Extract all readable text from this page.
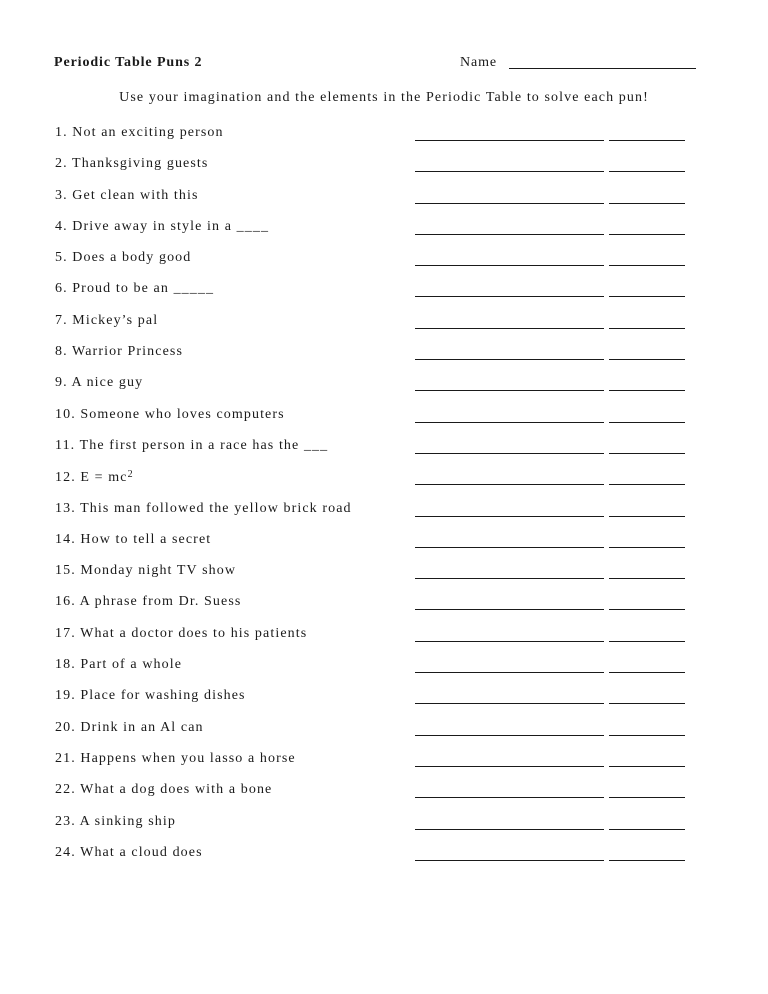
Periodic Table Puns 2	Name
Use your imagination and the elements in the Periodic Table to solve each pun!
1. Not an exciting person
2. Thanksgiving guests
3. Get clean with this
4. Drive away in style in a ____
5. Does a body good
6. Proud to be an _____
7. Mickey’s pal
8. Warrior Princess
9. A nice guy
10. Someone who loves computers
11. The first person in a race has the ___
12. $E = mc^2$
13. This man followed the yellow brick road
14. How to tell a secret
15. Monday night TV show
16. A phrase from Dr. Suess
17. What a doctor does to his patients
18. Part of a whole
19. Place for washing dishes
20. Drink in an Al can
21. Happens when you lasso a horse
22. What a dog does with a bone
23. A sinking ship
24. What a cloud does
